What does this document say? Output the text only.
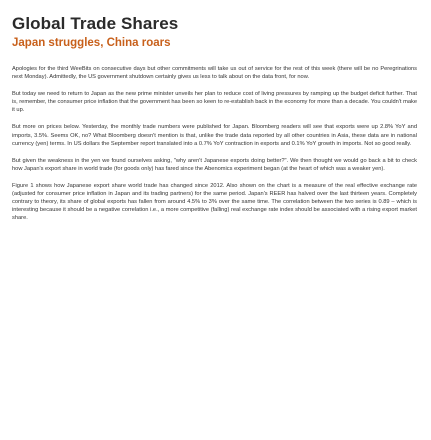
Global Trade Shares
Japan struggles, China roars

Apologies for the third WeeBits on consecutive days but other commitments will take us out of service for the rest of this week (there will be no Peregrinations next Monday). Admittedly, the US government shutdown certainly gives us less to talk about on the data front, for now.

But today we need to return to Japan as the new prime minister unveils her plan to reduce cost of living pressures by ramping up the budget deficit further. That is, remember, the consumer price inflation that the government has been so keen to re-establish back in the economy for more than a decade. You couldn't make it up.

But more on prices below. Yesterday, the monthly trade numbers were published for Japan. Bloomberg readers will see that exports were up 2.8% YoY and imports, 3.5%. Seems OK, no? What Bloomberg doesn't mention is that, unlike the trade data reported by all other countries in Asia, these data are in national currency (yen) terms. In US dollars the September report translated into a 0.7% YoY contraction in exports and 0.1% YoY growth in imports. Not so good really.

But given the weakness in the yen we found ourselves asking, "why aren't Japanese exports doing better?". We then thought we would go back a bit to check how Japan's export share in world trade (for goods only) has fared since the Abenomics experiment began (at the heart of which was a weaker yen).

Figure 1 shows how Japanese export share world trade has changed since 2012. Also shown on the chart is a measure of the real effective exchange rate (adjusted for consumer price inflation in Japan and its trading partners) for the same period. Japan's REER has halved over the last thirteen years. Completely contrary to theory, its share of global exports has fallen from around 4.5% to 3% over the same time. The correlation between the two series is 0.89 – which is interesting because it should be a negative correlation i.e., a more competitive (falling) real exchange rate index should be associated with a rising export market share.
